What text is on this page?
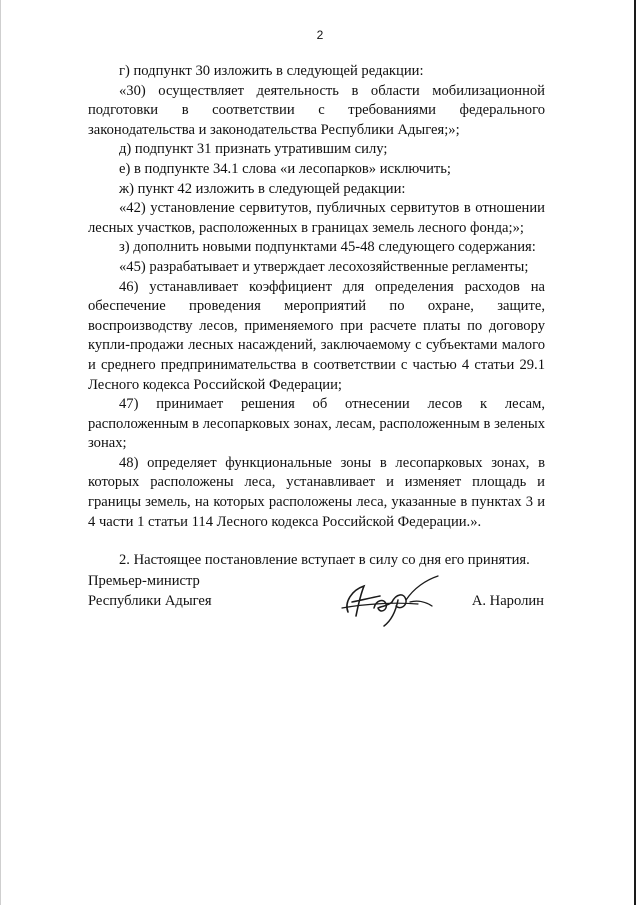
2

г) подпункт 30 изложить в следующей редакции:

«30) осуществляет деятельность в области мобилизационной подготовки в соответствии с требованиями федерального законодательства и законодательства Республики Адыгея;»;

д) подпункт 31 признать утратившим силу;

е) в подпункте 34.1 слова «и лесопарков» исключить;

ж) пункт 42 изложить в следующей редакции:

«42) установление сервитутов, публичных сервитутов в отношении лесных участков, расположенных в границах земель лесного фонда;»;

з) дополнить новыми подпунктами 45-48 следующего содержания:

«45) разрабатывает и утверждает лесохозяйственные регламенты;

46) устанавливает коэффициент для определения расходов на обеспечение проведения мероприятий по охране, защите, воспроизводству лесов, применяемого при расчете платы по договору купли-продажи лесных насаждений, заключаемому с субъектами малого и среднего предпринимательства в соответствии с частью 4 статьи 29.1 Лесного кодекса Российской Федерации;

47) принимает решения об отнесении лесов к лесам, расположенным в лесопарковых зонах, лесам, расположенным в зеленых зонах;

48) определяет функциональные зоны в лесопарковых зонах, в которых расположены леса, устанавливает и изменяет площадь и границы земель, на которых расположены леса, указанные в пунктах 3 и 4 части 1 статьи 114 Лесного кодекса Российской Федерации.».

2. Настоящее постановление вступает в силу со дня его принятия.

Премьер-министр
Республики Адыгея	А. Наролин
